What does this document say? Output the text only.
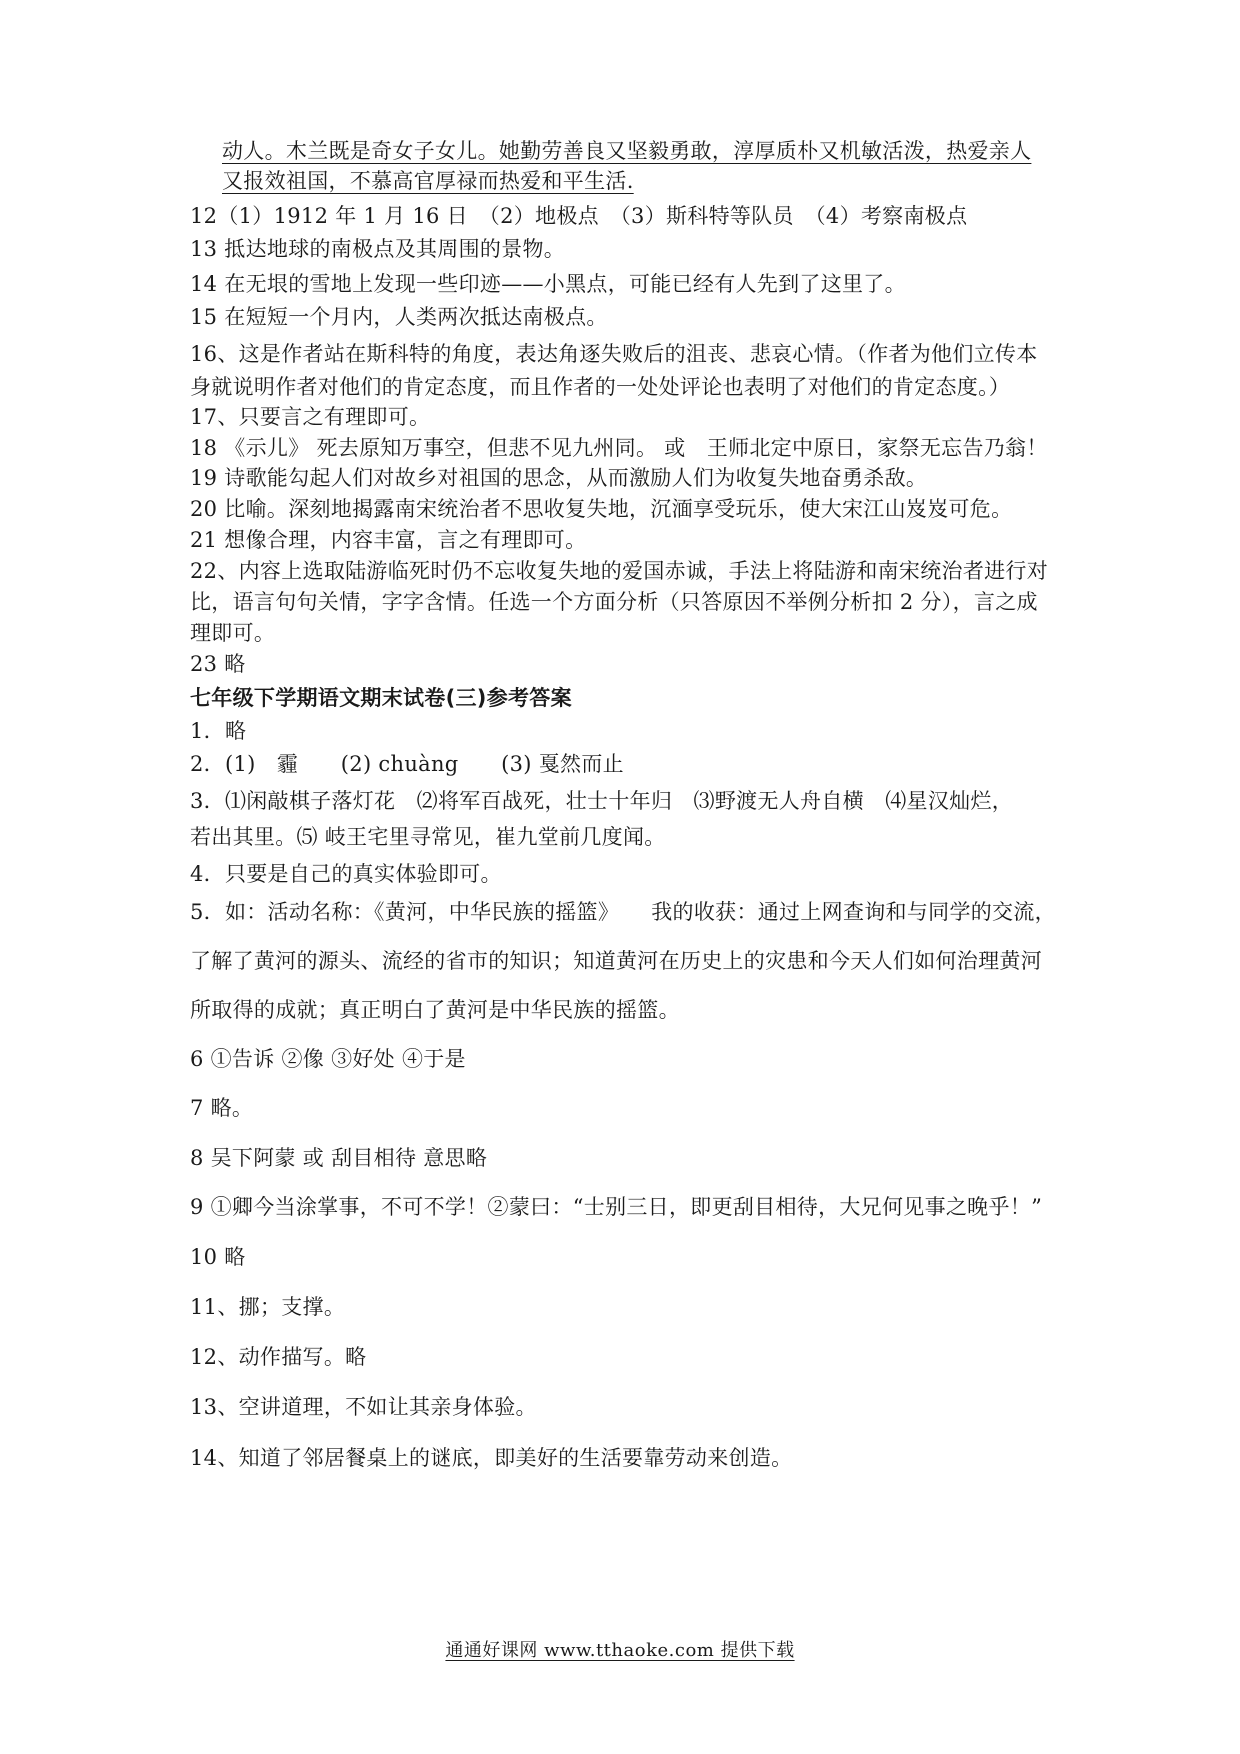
动人。木兰既是奇女子女儿。她勤劳善良又坚毅勇敢，淳厚质朴又机敏活泼，热爱亲人
又报效祖国，不慕高官厚禄而热爱和平生活.
12（1）1912 年 1 月 16 日　（2）地极点　（3）斯科特等队员　（4）考察南极点
13 抵达地球的南极点及其周围的景物。
14 在无垠的雪地上发现一些印迹——小黑点，可能已经有人先到了这里了。
15 在短短一个月内，人类两次抵达南极点。
16、这是作者站在斯科特的角度，表达角逐失败后的沮丧、悲哀心情。（作者为他们立传本
身就说明作者对他们的肯定态度，而且作者的一处处评论也表明了对他们的肯定态度。）
17、只要言之有理即可。
18 《示儿》 死去原知万事空，但悲不见九州同。 或　王师北定中原日，家祭无忘告乃翁！
19 诗歌能勾起人们对故乡对祖国的思念，从而激励人们为收复失地奋勇杀敌。
20 比喻。深刻地揭露南宋统治者不思收复失地，沉湎享受玩乐，使大宋江山岌岌可危。
21 想像合理，内容丰富，言之有理即可。
22、内容上选取陆游临死时仍不忘收复失地的爱国赤诚，手法上将陆游和南宋统治者进行对
比，语言句句关情，字字含情。任选一个方面分析（只答原因不举例分析扣 2 分），言之成
理即可。
23 略
七年级下学期语文期末试卷(三)参考答案
1．略
2．(1)　霾　　(2) chuàng　　(3) 戛然而止
3．⑴闲敲棋子落灯花　⑵将军百战死，壮士十年归　⑶野渡无人舟自横　⑷星汉灿烂，
若出其里。⑸ 岐王宅里寻常见，崔九堂前几度闻。
4．只要是自己的真实体验即可。
5．如：活动名称：《黄河，中华民族的摇篮》　　我的收获：通过上网查询和与同学的交流，
了解了黄河的源头、流经的省市的知识；知道黄河在历史上的灾患和今天人们如何治理黄河
所取得的成就；真正明白了黄河是中华民族的摇篮。
6 ①告诉 ②像 ③好处 ④于是
7 略。
8 吴下阿蒙 或 刮目相待 意思略
9 ①卿今当涂掌事，不可不学！②蒙曰：“士别三日，即更刮目相待，大兄何见事之晚乎！”
10 略
11、挪；支撑。
12、动作描写。略
13、空讲道理，不如让其亲身体验。
14、知道了邻居餐桌上的谜底，即美好的生活要靠劳动来创造。
通通好课网 www.tthaoke.com 提供下载
